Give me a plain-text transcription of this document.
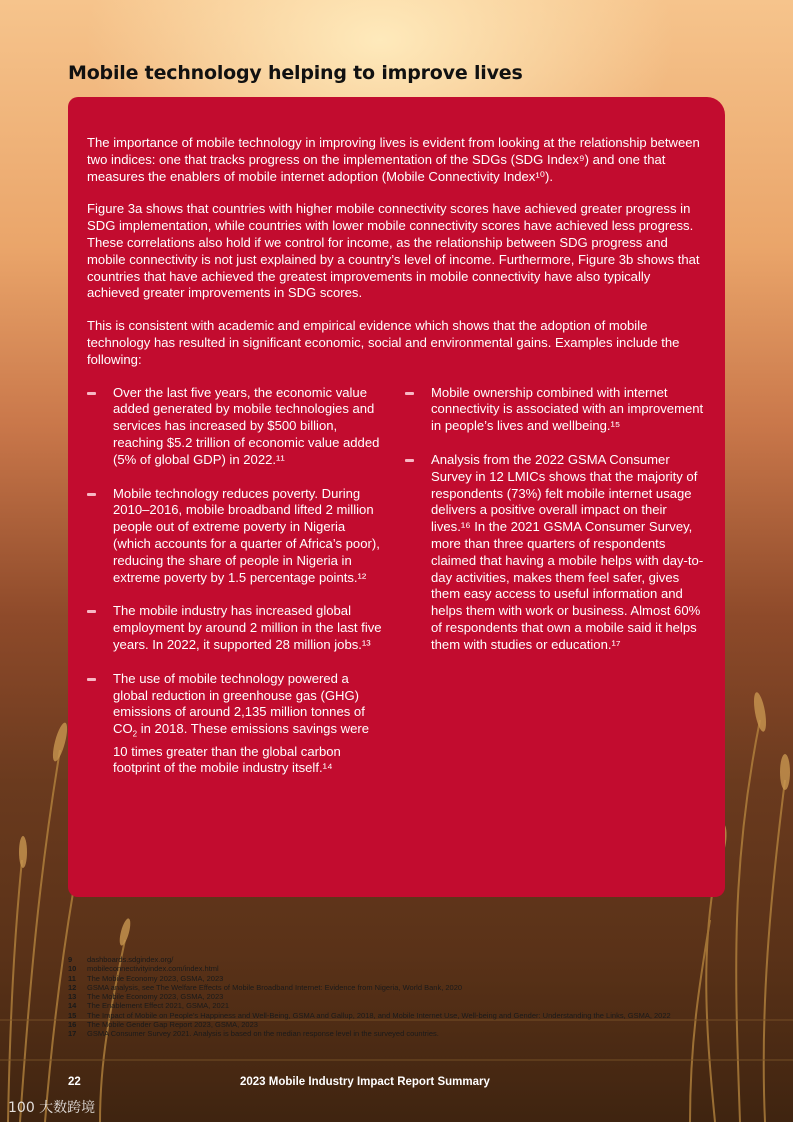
Mobile technology helping to improve lives

The importance of mobile technology in improving lives is evident from looking at the relationship between two indices: one that tracks progress on the implementation of the SDGs (SDG Index⁹) and one that measures the enablers of mobile internet adoption (Mobile Connectivity Index¹⁰).

Figure 3a shows that countries with higher mobile connectivity scores have achieved greater progress in SDG implementation, while countries with lower mobile connectivity scores have achieved less progress. These correlations also hold if we control for income, as the relationship between SDG progress and mobile connectivity is not just explained by a country’s level of income. Furthermore, Figure 3b shows that countries that have achieved the greatest improvements in mobile connectivity have also typically achieved greater improvements in SDG scores.

This is consistent with academic and empirical evidence which shows that the adoption of mobile technology has resulted in significant economic, social and environmental gains. Examples include the following:

Over the last five years, the economic value added generated by mobile technologies and services has increased by $500 billion, reaching $5.2 trillion of economic value added (5% of global GDP) in 2022.¹¹
Mobile technology reduces poverty. During 2010–2016, mobile broadband lifted 2 million people out of extreme poverty in Nigeria (which accounts for a quarter of Africa’s poor), reducing the share of people in Nigeria in extreme poverty by 1.5 percentage points.¹²
The mobile industry has increased global employment by around 2 million in the last five years. In 2022, it supported 28 million jobs.¹³
The use of mobile technology powered a global reduction in greenhouse gas (GHG) emissions of around 2,135 million tonnes of $CO_2$ in 2018. These emissions savings were 10 times greater than the global carbon footprint of the mobile industry itself.¹⁴
Mobile ownership combined with internet connectivity is associated with an improvement in people’s lives and wellbeing.¹⁵
Analysis from the 2022 GSMA Consumer Survey in 12 LMICs shows that the majority of respondents (73%) felt mobile internet usage delivers a positive overall impact on their lives.¹⁶ In the 2021 GSMA Consumer Survey, more than three quarters of respondents claimed that having a mobile helps with day-to-day activities, makes them feel safer, gives them easy access to useful information and helps them with work or business. Almost 60% of respondents that own a mobile said it helps them with studies or education.¹⁷
9	dashboards.sdgindex.org/
10	mobileconnectivityindex.com/index.html
11	The Mobile Economy 2023, GSMA, 2023
12	GSMA analysis, see The Welfare Effects of Mobile Broadband Internet: Evidence from Nigeria, World Bank, 2020
13	The Mobile Economy 2023, GSMA, 2023
14	The Enablement Effect 2021, GSMA, 2021
15	The Impact of Mobile on People’s Happiness and Well-Being, GSMA and Gallup, 2018, and Mobile Internet Use, Well-being and Gender: Understanding the Links, GSMA, 2022
16	The Mobile Gender Gap Report 2023, GSMA, 2023
17	GSMA Consumer Survey 2021. Analysis is based on the median response level in the surveyed countries.
22	2023 Mobile Industry Impact Report Summary
100 大数跨境
